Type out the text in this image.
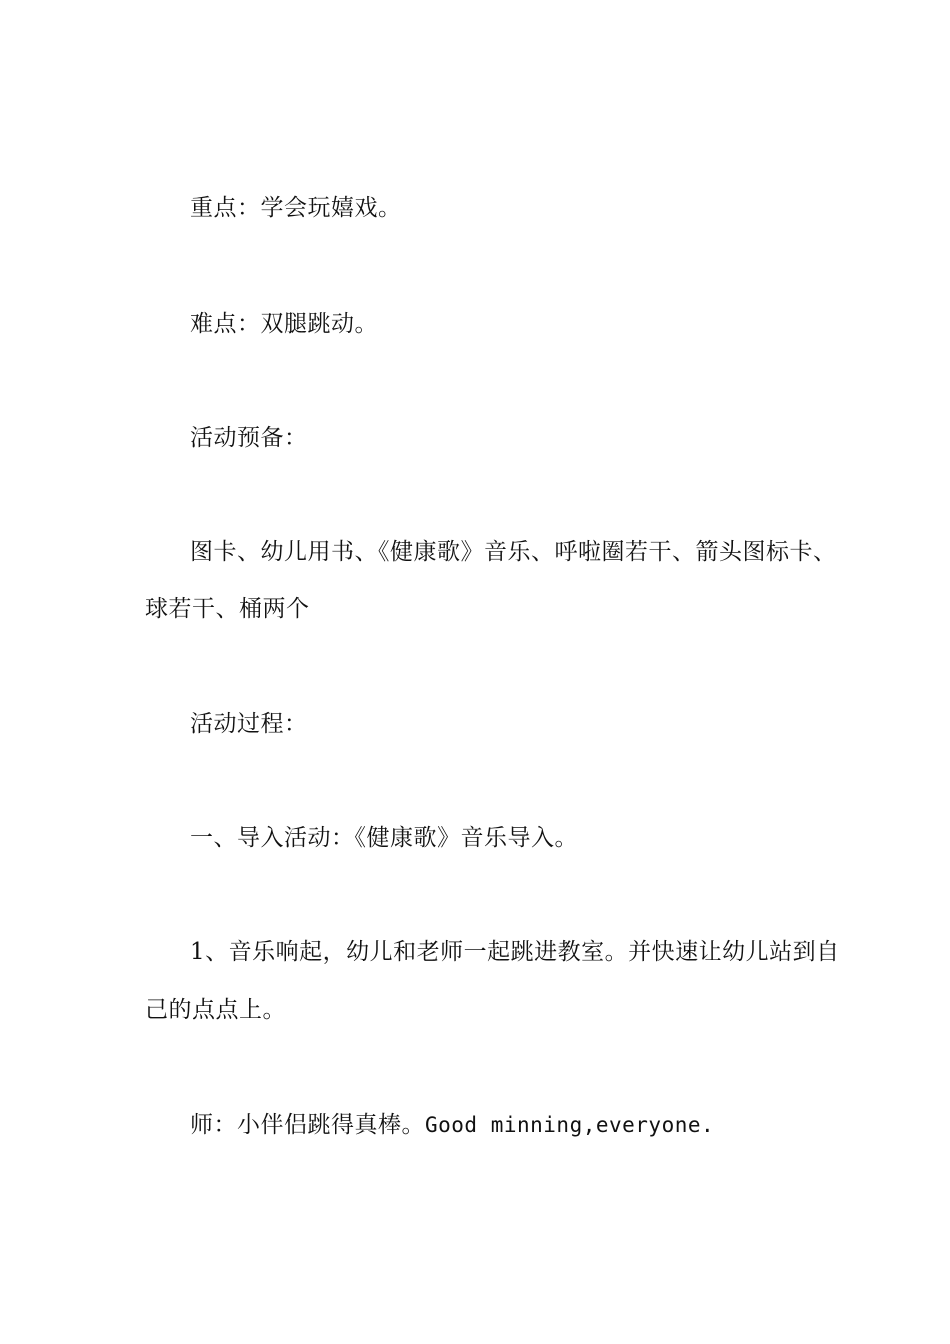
重点：学会玩嬉戏。
难点：双腿跳动。
活动预备：
图卡、幼儿用书、《健康歌》音乐、呼啦圈若干、箭头图标卡、
球若干、桶两个
活动过程：
一、导入活动：《健康歌》音乐导入。
1、音乐响起，幼儿和老师一起跳进教室。并快速让幼儿站到自
己的点点上。
师：小伴侣跳得真棒。Good minning,everyone.
